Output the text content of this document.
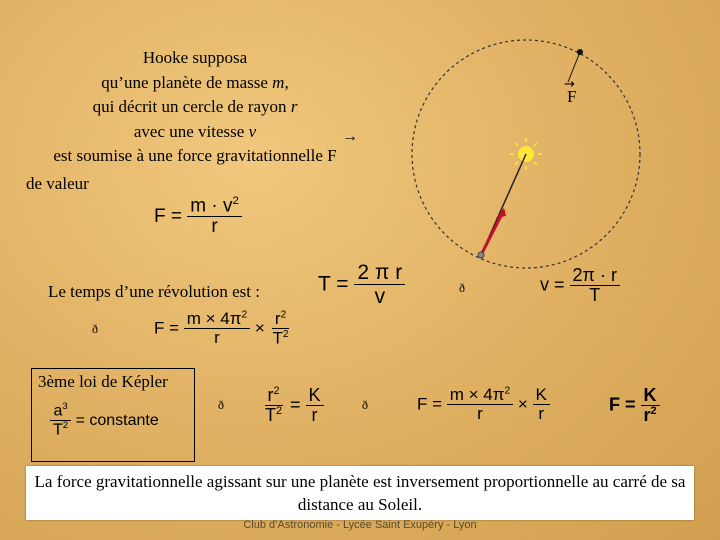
Hooke supposa
qu’une planète de masse m,
qui décrit un cercle de rayon r
avec une vitesse v
est soumise à une force gravitationnelle F
de valeur
→
F
→
$F = \frac{m \cdot v^2}{r}$
Le temps d’une révolution est :	$T = \frac{\text{2 π r}}{v}$	ð	$v = \frac{2\pi \cdot r}{T}$
ð	$F = \frac{m \times 4\pi^2}{r} \times \frac{r^2}{T^2}$
3ème loi de Képler
$\frac{a^3}{T^2}$ = constante
ð $\frac{r^2}{T^2} = \frac{K}{r}$	ð	$F = \frac{m \times 4\pi^2}{r} \times \frac{K}{r}$	$F = \frac{K}{r^2}$
La force gravitationnelle agissant sur une planète est inversement proportionnelle au carré de sa distance au Soleil.
Club d’Astronomie - Lycée Saint Exupéry - Lyon
